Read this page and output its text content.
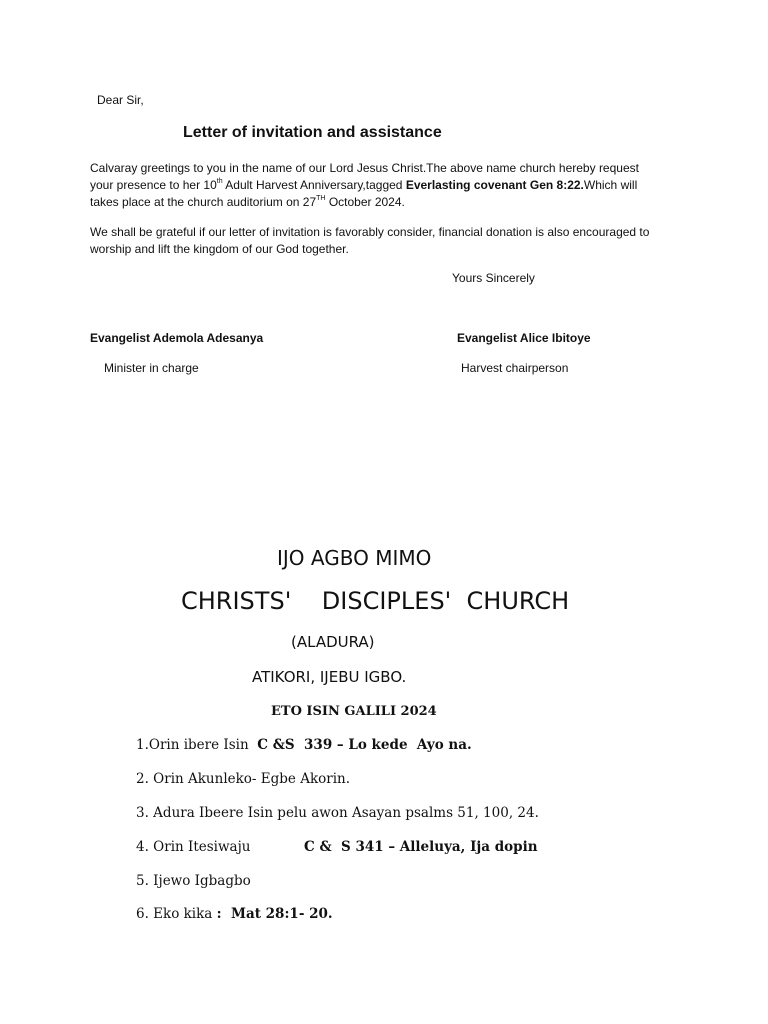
Dear Sir,
Letter of invitation and assistance
Calvaray greetings to you in the name of our Lord Jesus Christ.The above name church hereby request
your presence to her 10th Adult Harvest Anniversary,tagged Everlasting covenant Gen 8:22.Which will
takes place at the church auditorium on 27TH October 2024.
We shall be grateful if our letter of invitation is favorably consider, financial donation is also encouraged to
worship and lift the kingdom of our God together.
Yours Sincerely
Evangelist Ademola Adesanya	Evangelist Alice Ibitoye
Minister in charge	Harvest chairperson
IJO AGBO MIMO
CHRISTS'    DISCIPLES'  CHURCH
(ALADURA)
ATIKORI, IJEBU IGBO.
ETO ISIN GALILI 2024
1.Orin ibere Isin  C &S  339 – Lo kede  Ayo na.
2. Orin Akunleko- Egbe Akorin.
3. Adura Ibeere Isin pelu awon Asayan psalms 51, 100, 24.
4. Orin Itesiwaju	C &  S 341 – Alleluya, Ija dopin
5. Ijewo Igbagbo
6. Eko kika :  Mat 28:1- 20.
